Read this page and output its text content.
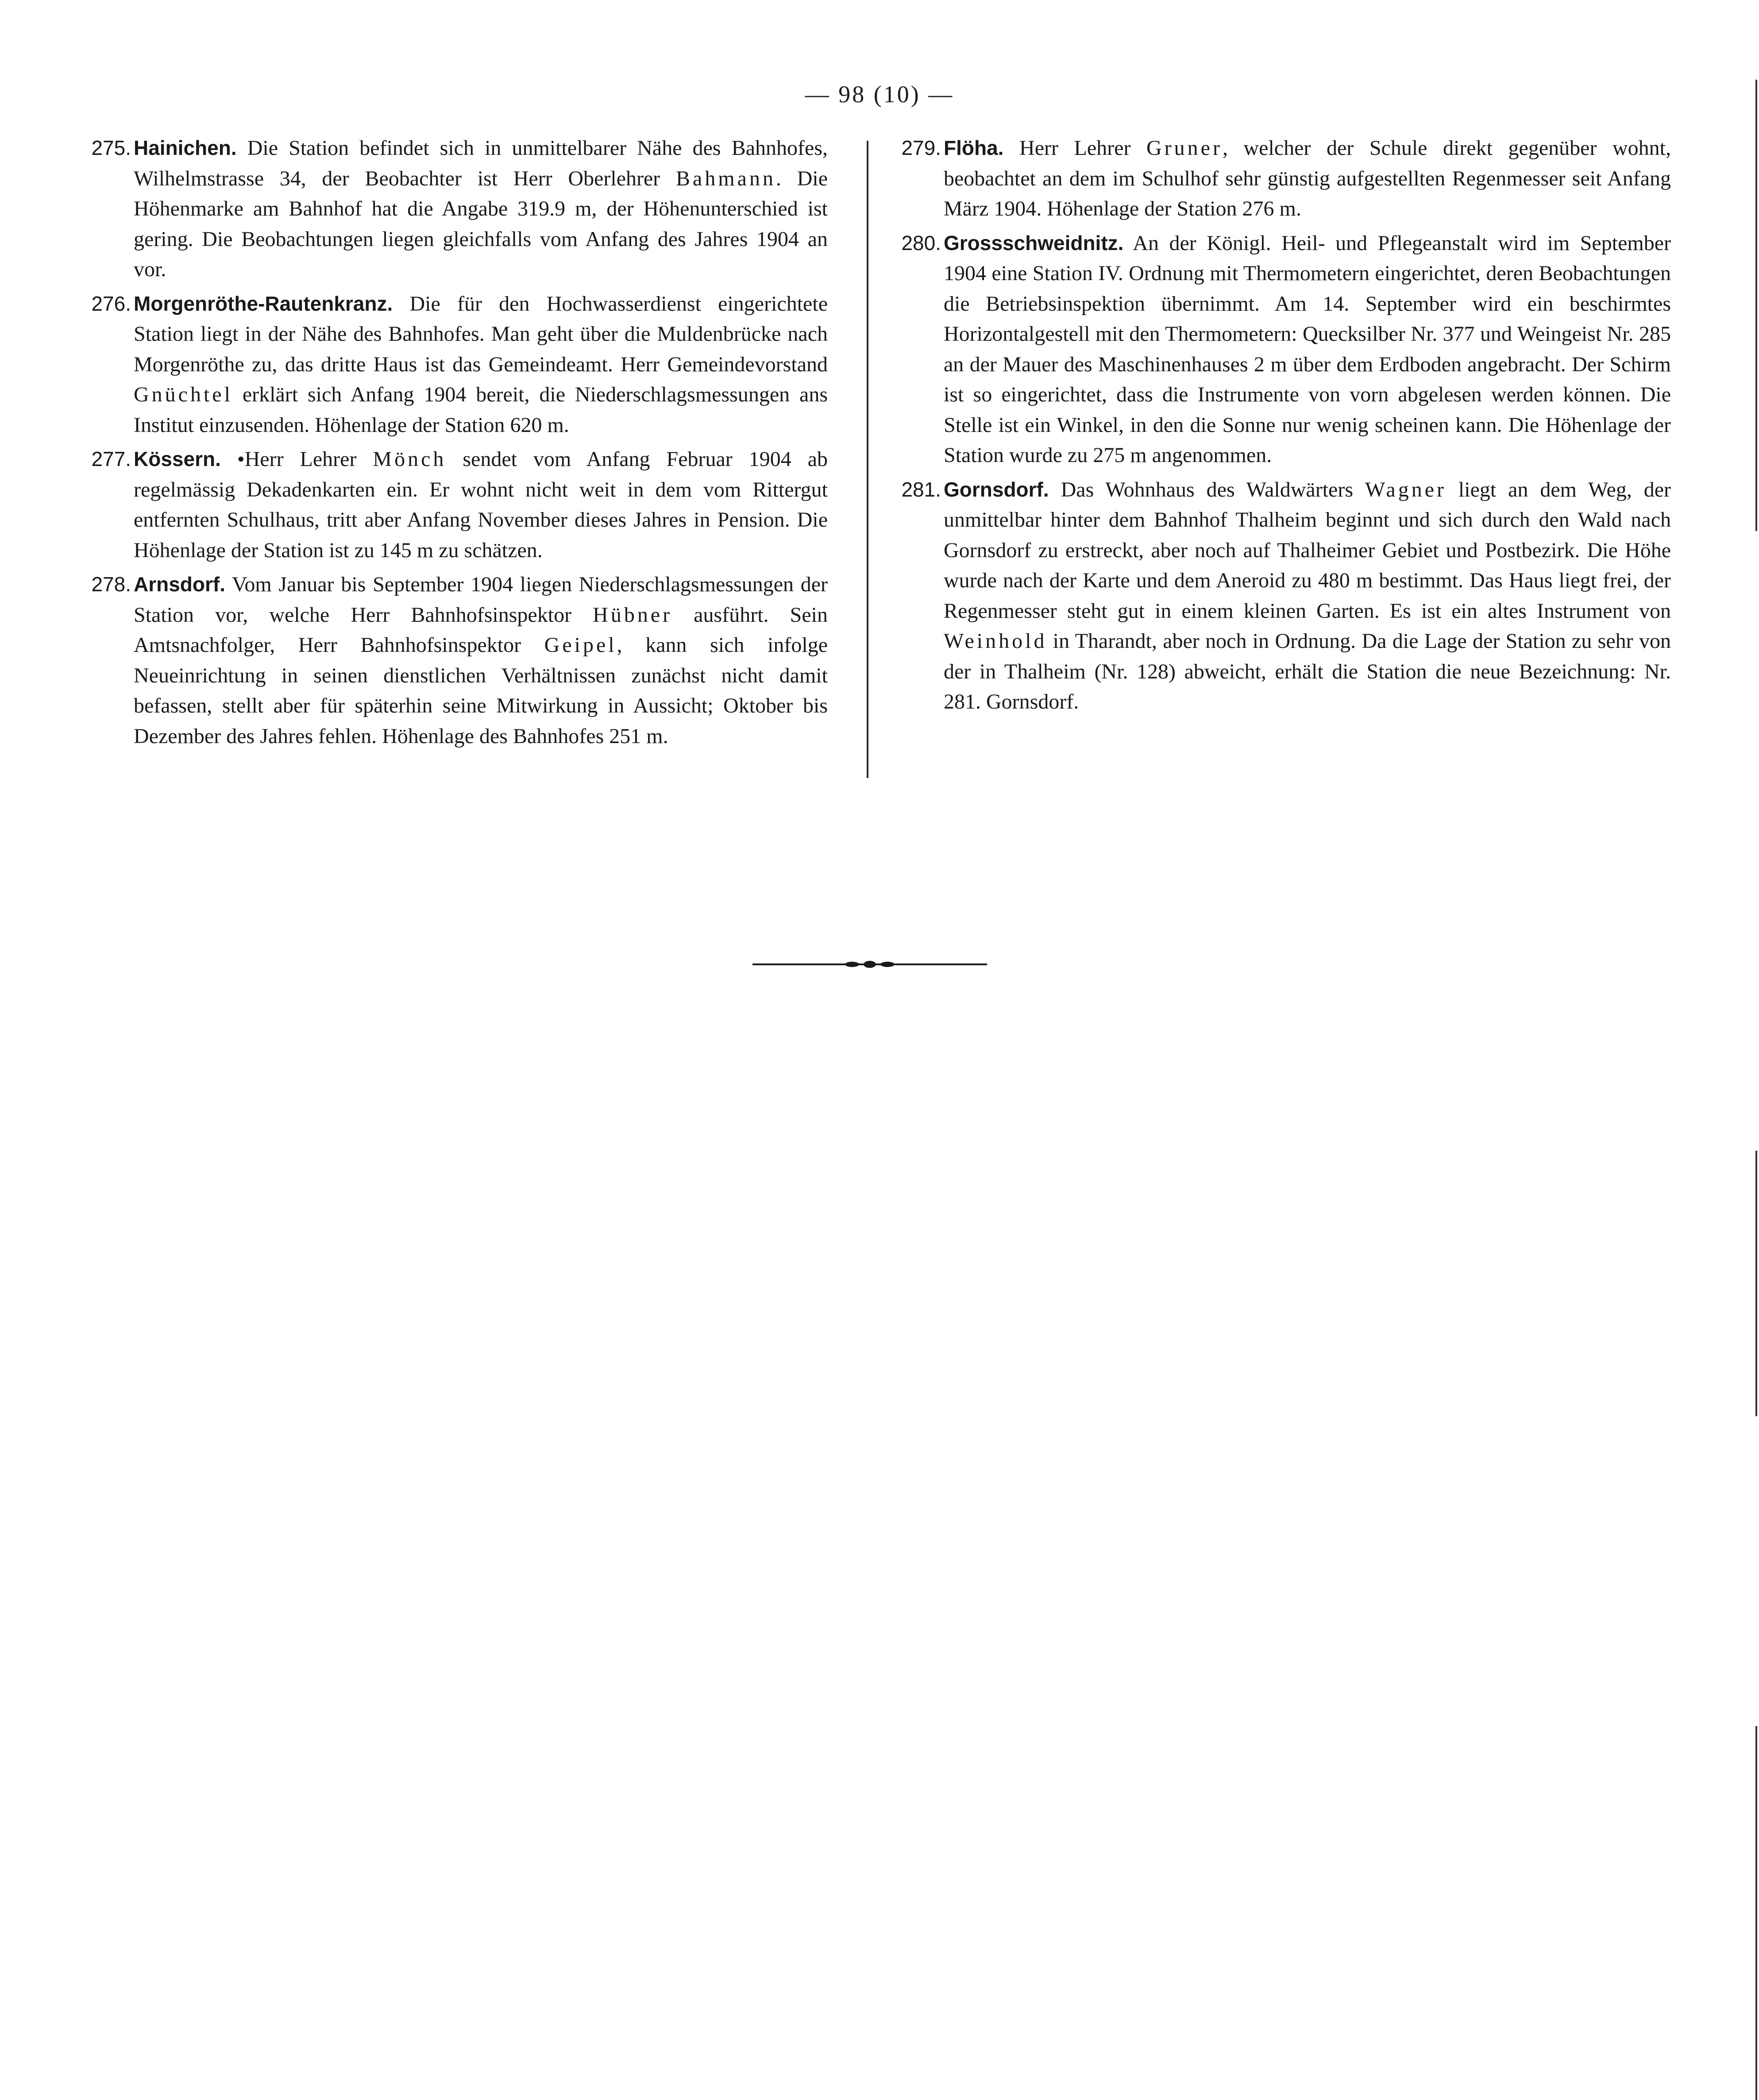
— 98 (10) —
275. Hainichen. Die Station befindet sich in unmittelbarer Nähe des Bahnhofes, Wilhelmstrasse 34, der Beobachter ist Herr Oberlehrer Bahmann. Die Höhenmarke am Bahnhof hat die Angabe 319.9 m, der Höhenunterschied ist gering. Die Beobachtungen liegen gleichfalls vom Anfang des Jahres 1904 an vor.
276. Morgenröthe-Rautenkranz. Die für den Hochwasserdienst eingerichtete Station liegt in der Nähe des Bahnhofes. Man geht über die Muldenbrücke nach Morgenröthe zu, das dritte Haus ist das Gemeindeamt. Herr Gemeindevorstand Gnüchtel erklärt sich Anfang 1904 bereit, die Niederschlagsmessungen ans Institut einzusenden. Höhenlage der Station 620 m.
277. Kössern. •Herr Lehrer Mönch sendet vom Anfang Februar 1904 ab regelmässig Dekadenkarten ein. Er wohnt nicht weit in dem vom Rittergut entfernten Schulhaus, tritt aber Anfang November dieses Jahres in Pension. Die Höhenlage der Station ist zu 145 m zu schätzen.
278. Arnsdorf. Vom Januar bis September 1904 liegen Niederschlagsmessungen der Station vor, welche Herr Bahnhofsinspektor Hübner ausführt. Sein Amtsnachfolger, Herr Bahnhofsinspektor Geipel, kann sich infolge Neueinrichtung in seinen dienstlichen Verhältnissen zunächst nicht damit befassen, stellt aber für späterhin seine Mitwirkung in Aussicht; Oktober bis Dezember des Jahres fehlen. Höhenlage des Bahnhofes 251 m.
279. Flöha. Herr Lehrer Gruner, welcher der Schule direkt gegenüber wohnt, beobachtet an dem im Schulhof sehr günstig aufgestellten Regenmesser seit Anfang März 1904. Höhenlage der Station 276 m.
280. Grossschweidnitz. An der Königl. Heil- und Pflegeanstalt wird im September 1904 eine Station IV. Ordnung mit Thermometern eingerichtet, deren Beobachtungen die Betriebsinspektion übernimmt. Am 14. September wird ein beschirmtes Horizontalgestell mit den Thermometern: Quecksilber Nr. 377 und Weingeist Nr. 285 an der Mauer des Maschinenhauses 2 m über dem Erdboden angebracht. Der Schirm ist so eingerichtet, dass die Instrumente von vorn abgelesen werden können. Die Stelle ist ein Winkel, in den die Sonne nur wenig scheinen kann. Die Höhenlage der Station wurde zu 275 m angenommen.
281. Gornsdorf. Das Wohnhaus des Waldwärters Wagner liegt an dem Weg, der unmittelbar hinter dem Bahnhof Thalheim beginnt und sich durch den Wald nach Gornsdorf zu erstreckt, aber noch auf Thalheimer Gebiet und Postbezirk. Die Höhe wurde nach der Karte und dem Aneroid zu 480 m bestimmt. Das Haus liegt frei, der Regenmesser steht gut in einem kleinen Garten. Es ist ein altes Instrument von Weinhold in Tharandt, aber noch in Ordnung. Da die Lage der Station zu sehr von der in Thalheim (Nr. 128) abweicht, erhält die Station die neue Bezeichnung: Nr. 281. Gornsdorf.
